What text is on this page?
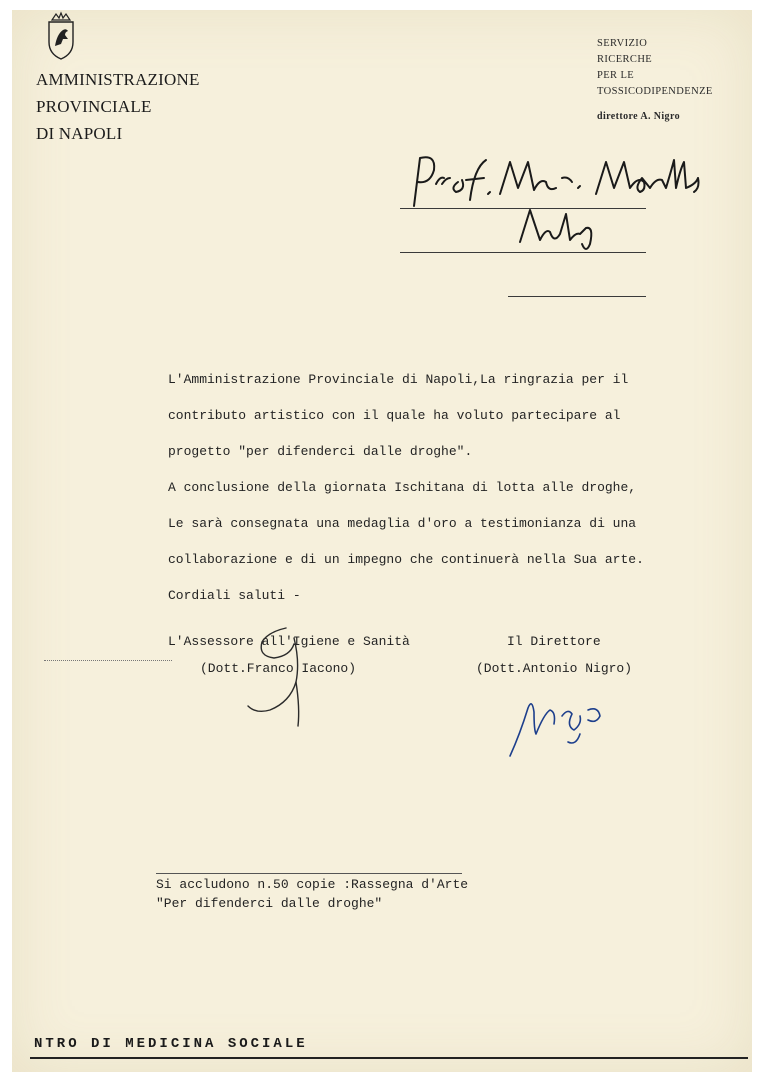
AMMINISTRAZIONE
PROVINCIALE
DI NAPOLI
SERVIZIO
RICERCHE
PER LE
TOSSICODIPENDENZE
direttore A. Nigro
L'Amministrazione Provinciale di Napoli,La ringrazia per il
contributo artistico con il quale ha voluto partecipare al
progetto "per difenderci dalle droghe".
A conclusione della giornata Ischitana di lotta alle droghe,
Le sarà consegnata una medaglia d'oro a testimonianza di una
collaborazione e di un impegno che continuerà nella Sua arte.
Cordiali saluti -
L'Assessore all'Igiene e Sanità
(Dott.Franco Iacono)
Il Direttore
(Dott.Antonio Nigro)
Si accludono n.50 copie :Rassegna d'Arte
"Per difenderci dalle droghe"
NTRO DI MEDICINA SOCIALE
